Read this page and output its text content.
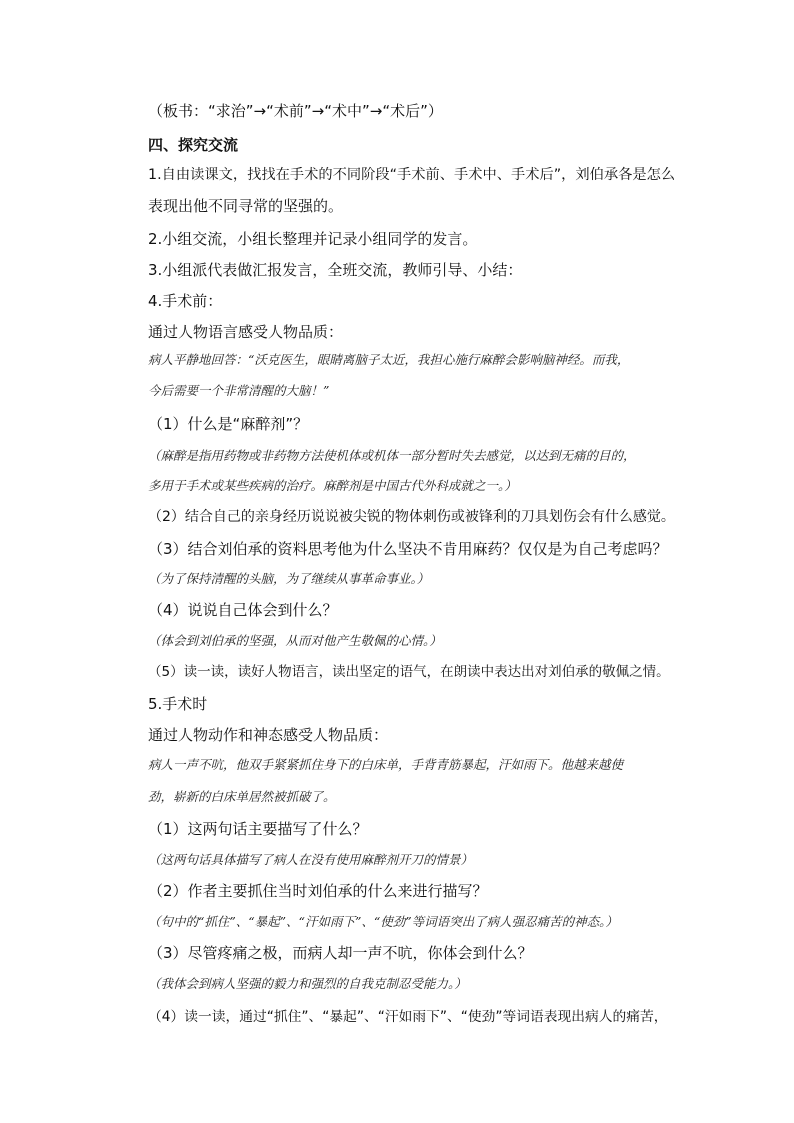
（板书：“求治”→“术前”→“术中”→“术后”）

四、探究交流

1.自由读课文，找找在手术的不同阶段“手术前、手术中、手术后”，刘伯承各是怎么

表现出他不同寻常的坚强的。

2.小组交流，小组长整理并记录小组同学的发言。

3.小组派代表做汇报发言，全班交流，教师引导、小结：

4.手术前：

通过人物语言感受人物品质：

病人平静地回答：“沃克医生，眼睛离脑子太近，我担心施行麻醉会影响脑神经。而我，

今后需要一个非常清醒的大脑！”

（1）什么是“麻醉剂”？

（麻醉是指用药物或非药物方法使机体或机体一部分暂时失去感觉，以达到无痛的目的，

多用于手术或某些疾病的治疗。麻醉剂是中国古代外科成就之一。）

（2）结合自己的亲身经历说说被尖锐的物体刺伤或被锋利的刀具划伤会有什么感觉。

（3）结合刘伯承的资料思考他为什么坚决不肯用麻药？仅仅是为自己考虑吗？

（为了保持清醒的头脑，为了继续从事革命事业。）

（4）说说自己体会到什么？

（体会到刘伯承的坚强，从而对他产生敬佩的心情。）

（5）读一读，读好人物语言，读出坚定的语气，在朗读中表达出对刘伯承的敬佩之情。

5.手术时

通过人物动作和神态感受人物品质：

病人一声不吭，他双手紧紧抓住身下的白床单，手背青筋暴起，汗如雨下。他越来越使

劲，崭新的白床单居然被抓破了。

（1）这两句话主要描写了什么？

（这两句话具体描写了病人在没有使用麻醉剂开刀的情景）

（2）作者主要抓住当时刘伯承的什么来进行描写？

（句中的“抓住”、“暴起”、“汗如雨下”、“使劲”等词语突出了病人强忍痛苦的神态。）

（3）尽管疼痛之极，而病人却一声不吭，你体会到什么？

（我体会到病人坚强的毅力和强烈的自我克制忍受能力。）

（4）读一读，通过“抓住”、“暴起”、“汗如雨下”、“使劲”等词语表现出病人的痛苦，
